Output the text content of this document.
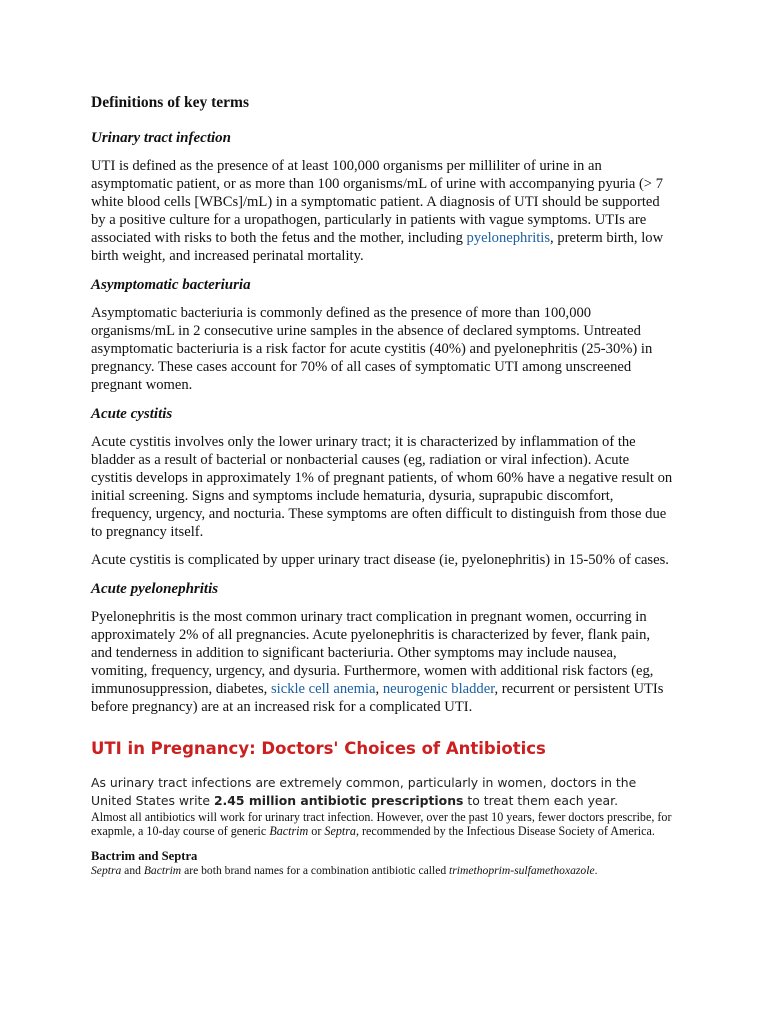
Definitions of key terms
Urinary tract infection

UTI is defined as the presence of at least 100,000 organisms per milliliter of urine in an asymptomatic patient, or as more than 100 organisms/mL of urine with accompanying pyuria (> 7 white blood cells [WBCs]/mL) in a symptomatic patient. A diagnosis of UTI should be supported by a positive culture for a uropathogen, particularly in patients with vague symptoms. UTIs are associated with risks to both the fetus and the mother, including pyelonephritis, preterm birth, low birth weight, and increased perinatal mortality.

Asymptomatic bacteriuria

Asymptomatic bacteriuria is commonly defined as the presence of more than 100,000 organisms/mL in 2 consecutive urine samples in the absence of declared symptoms. Untreated asymptomatic bacteriuria is a risk factor for acute cystitis (40%) and pyelonephritis (25-30%) in pregnancy. These cases account for 70% of all cases of symptomatic UTI among unscreened pregnant women.

Acute cystitis

Acute cystitis involves only the lower urinary tract; it is characterized by inflammation of the bladder as a result of bacterial or nonbacterial causes (eg, radiation or viral infection). Acute cystitis develops in approximately 1% of pregnant patients, of whom 60% have a negative result on initial screening. Signs and symptoms include hematuria, dysuria, suprapubic discomfort, frequency, urgency, and nocturia. These symptoms are often difficult to distinguish from those due to pregnancy itself.

Acute cystitis is complicated by upper urinary tract disease (ie, pyelonephritis) in 15-50% of cases.

Acute pyelonephritis

Pyelonephritis is the most common urinary tract complication in pregnant women, occurring in approximately 2% of all pregnancies. Acute pyelonephritis is characterized by fever, flank pain, and tenderness in addition to significant bacteriuria. Other symptoms may include nausea, vomiting, frequency, urgency, and dysuria. Furthermore, women with additional risk factors (eg, immunosuppression, diabetes, sickle cell anemia, neurogenic bladder, recurrent or persistent UTIs before pregnancy) are at an increased risk for a complicated UTI.

UTI in Pregnancy: Doctors' Choices of Antibiotics

As urinary tract infections are extremely common, particularly in women, doctors in the United States write 2.45 million antibiotic prescriptions to treat them each year.

Almost all antibiotics will work for urinary tract infection. However, over the past 10 years, fewer doctors prescribe, for exapmle, a 10-day course of generic Bactrim or Septra, recommended by the Infectious Disease Society of America.

Bactrim and Septra

Septra and Bactrim are both brand names for a combination antibiotic called trimethoprim-sulfamethoxazole.
